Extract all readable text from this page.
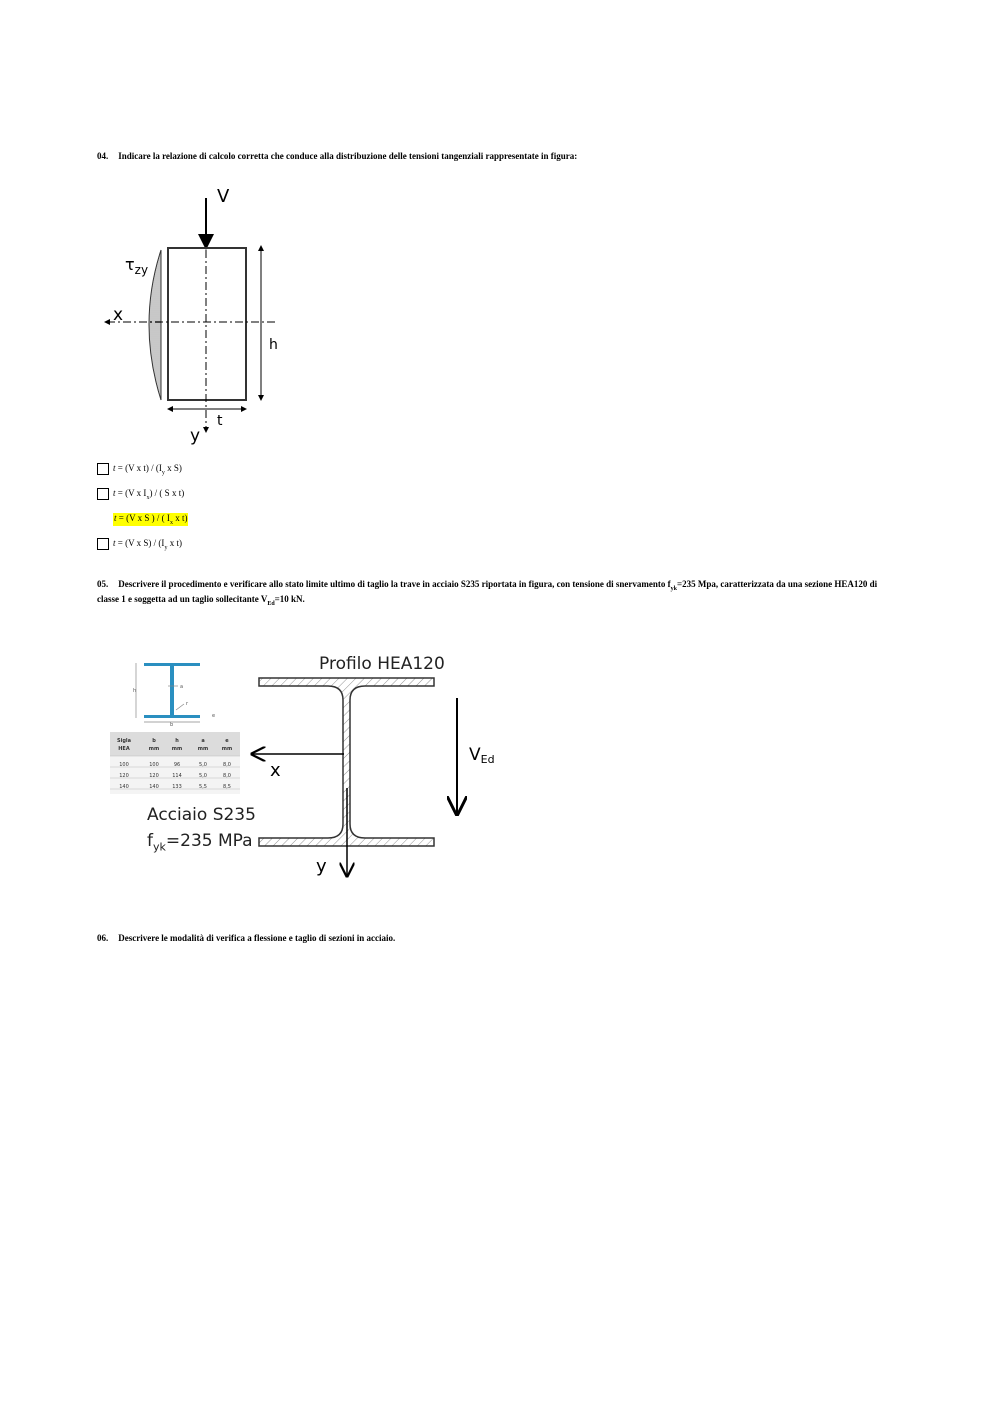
04. Indicare la relazione di calcolo corretta che conduce alla distribuzione delle tensioni tangenziali rappresentate in figura:
V
$\tau_{zy}$
x
y
h
t
t = (V x $t) / (I_y$ x S)
t = (V x $I_x$) / ( S x t)
t = (V x S ) / ( $I_x$ x t)
t = (V x $S) / (I_y$ x t)
05. Descrivere il procedimento e verificare allo stato limite ultimo di taglio la trave in acciaio S235 riportata in figura, con tensione di snervamento $f_{yk}=235$ Mpa, caratterizzata da una sezione HEA120 di classe 1 e soggetta ad un taglio sollecitante $V_{Ed}=10$ kN.
h
a
r
b
e
Sigla	b	h	a	e
HEA	mm	mm	mm	mm
100	100	96	5,0	8,0
120	120	114	5,0	8,0
140	140	133	5,5	8,5
Acciaio S235
$f_{yk}=235$ MPa
Profilo HEA120
x
y
VEd
06. Descrivere le modalità di verifica a flessione e taglio di sezioni in acciaio.
